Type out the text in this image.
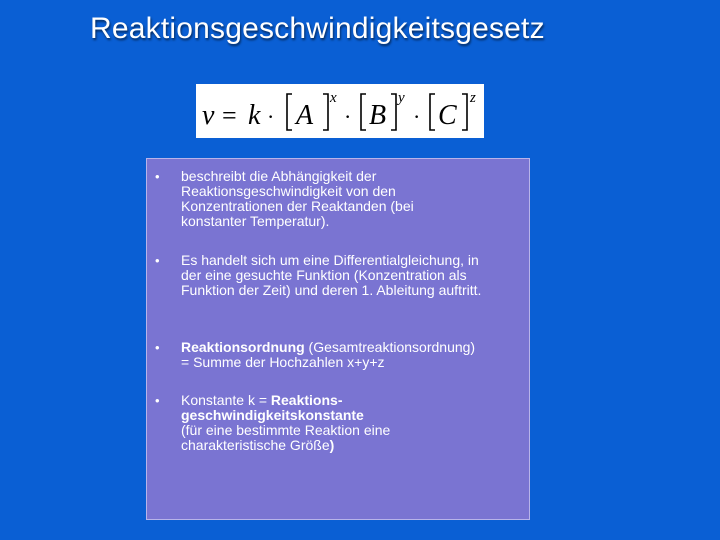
Reaktionsgeschwindigkeitsgesetz
v = k · A
x
· B
y
· C
z
•	beschreibt die Abhängigkeit der
Reaktionsgeschwindigkeit von den
Konzentrationen der Reaktanden (bei
konstanter Temperatur).
•	Es handelt sich um eine Differentialgleichung, in
der eine gesuchte Funktion (Konzentration als
Funktion der Zeit) und deren 1. Ableitung auftritt.
•	Reaktionsordnung (Gesamtreaktionsordnung)
= Summe der Hochzahlen x+y+z
•	Konstante k = Reaktions-
geschwindigkeitskonstante
(für eine bestimmte Reaktion eine
charakteristische Größe)
